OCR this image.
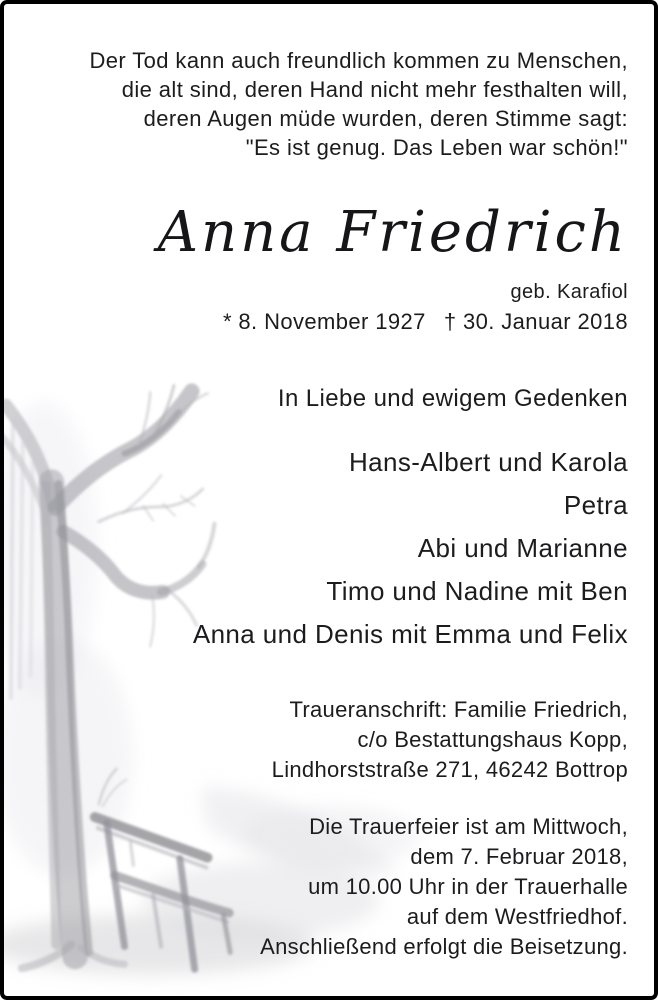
Der Tod kann auch freundlich kommen zu Menschen,
die alt sind, deren Hand nicht mehr festhalten will,
deren Augen müde wurden, deren Stimme sagt:
"Es ist genug. Das Leben war schön!"
Anna Friedrich
geb. Karafiol
* 8. November 1927 † 30. Januar 2018
In Liebe und ewigem Gedenken
Hans-Albert und Karola
Petra
Abi und Marianne
Timo und Nadine mit Ben
Anna und Denis mit Emma und Felix
Traueranschrift: Familie Friedrich,
c/o Bestattungshaus Kopp,
Lindhorststraße 271, 46242 Bottrop
Die Trauerfeier ist am Mittwoch,
dem 7. Februar 2018,
um 10.00 Uhr in der Trauerhalle
auf dem Westfriedhof.
Anschließend erfolgt die Beisetzung.
